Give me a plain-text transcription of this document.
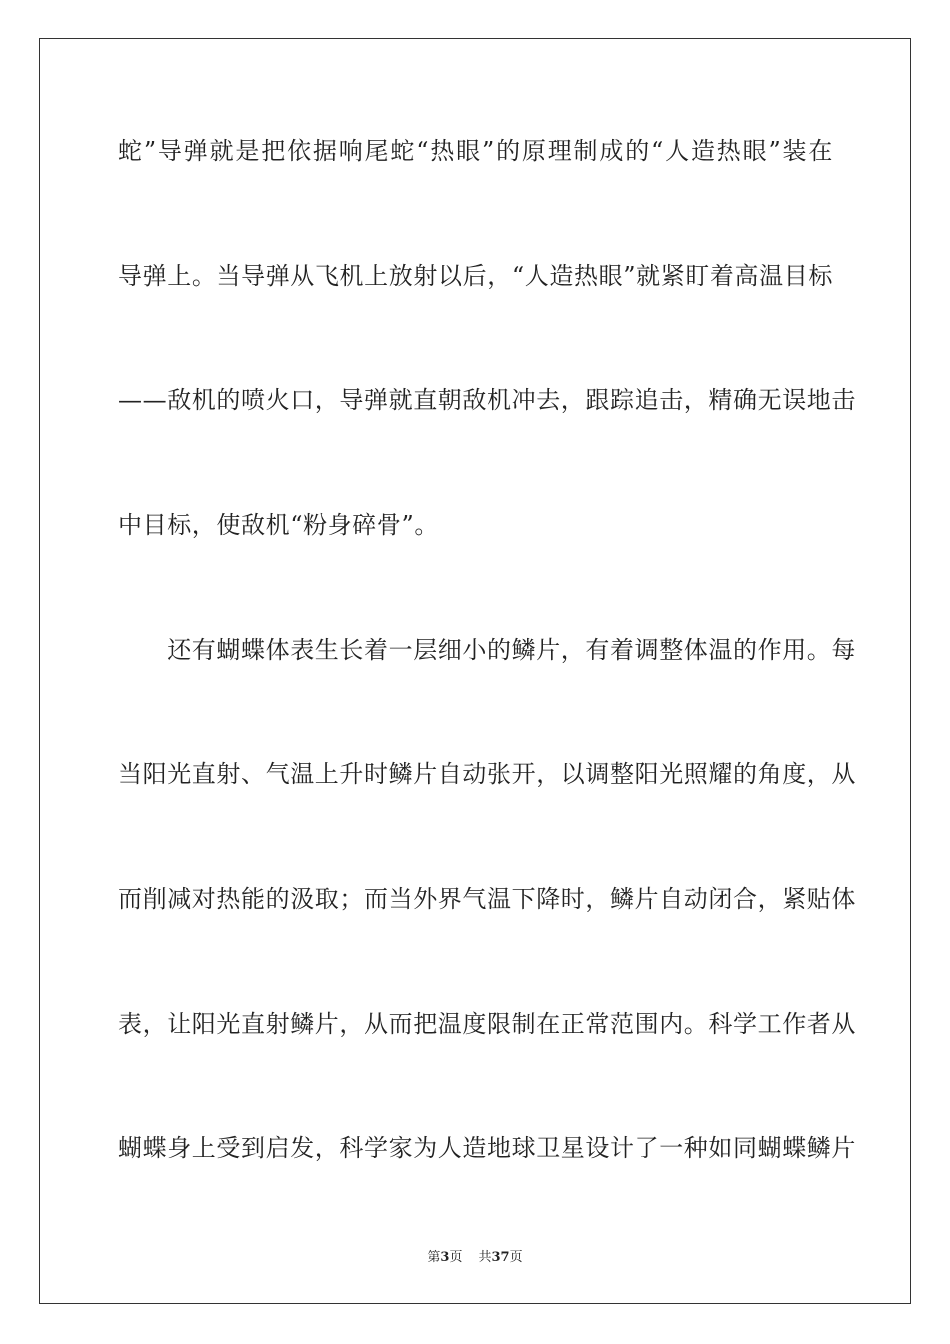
蛇”导弹就是把依据响尾蛇“热眼”的原理制成的“人造热眼”装在
导弹上。当导弹从飞机上放射以后，“人造热眼”就紧盯着高温目标
——敌机的喷火口，导弹就直朝敌机冲去，跟踪追击，精确无误地击
中目标，使敌机“粉身碎骨”。
　　还有蝴蝶体表生长着一层细小的鳞片，有着调整体温的作用。每
当阳光直射、气温上升时鳞片自动张开，以调整阳光照耀的角度，从
而削减对热能的汲取；而当外界气温下降时，鳞片自动闭合，紧贴体
表，让阳光直射鳞片，从而把温度限制在正常范围内。科学工作者从
蝴蝶身上受到启发，科学家为人造地球卫星设计了一种如同蝴蝶鳞片
第3页 共37页
